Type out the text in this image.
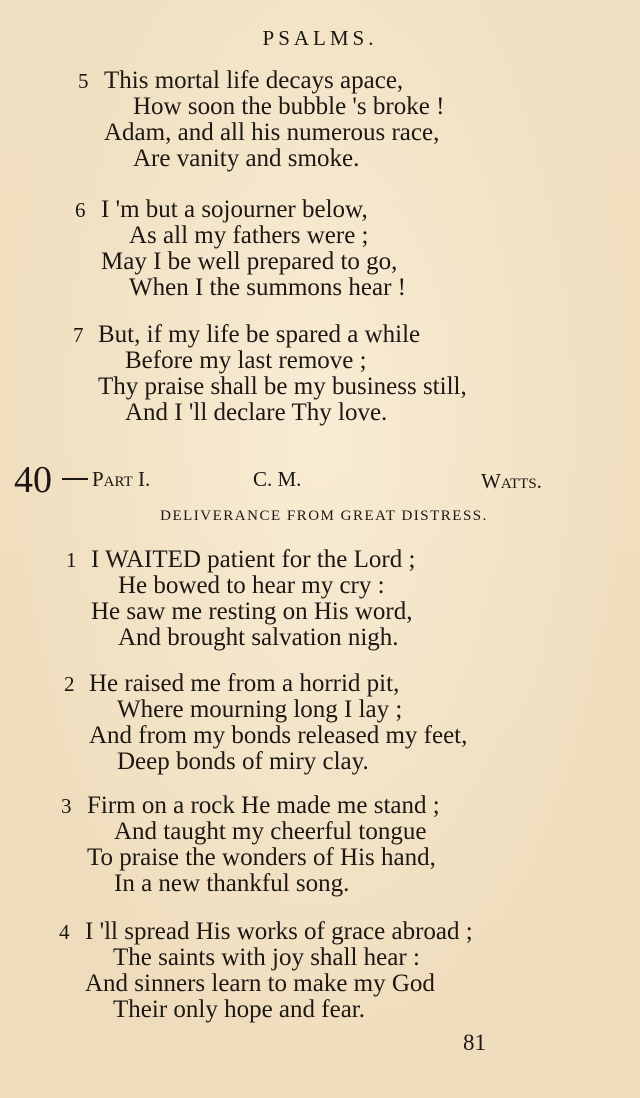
PSALMS.
5 This mortal life decays apace,
How soon the bubble 's broke !
Adam, and all his numerous race,
Are vanity and smoke.
6 I 'm but a sojourner below,
As all my fathers were ;
May I be well prepared to go,
When I the summons hear !
7 But, if my life be spared a while
Before my last remove ;
Thy praise shall be my business still,
And I 'll declare Thy love.
40 Part I.	C. M.	Watts.
DELIVERANCE FROM GREAT DISTRESS.
1 I WAITED patient for the Lord ;
He bowed to hear my cry :
He saw me resting on His word,
And brought salvation nigh.
2 He raised me from a horrid pit,
Where mourning long I lay ;
And from my bonds released my feet,
Deep bonds of miry clay.
3 Firm on a rock He made me stand ;
And taught my cheerful tongue
To praise the wonders of His hand,
In a new thankful song.
4 I 'll spread His works of grace abroad ;
The saints with joy shall hear :
And sinners learn to make my God
Their only hope and fear.
81
